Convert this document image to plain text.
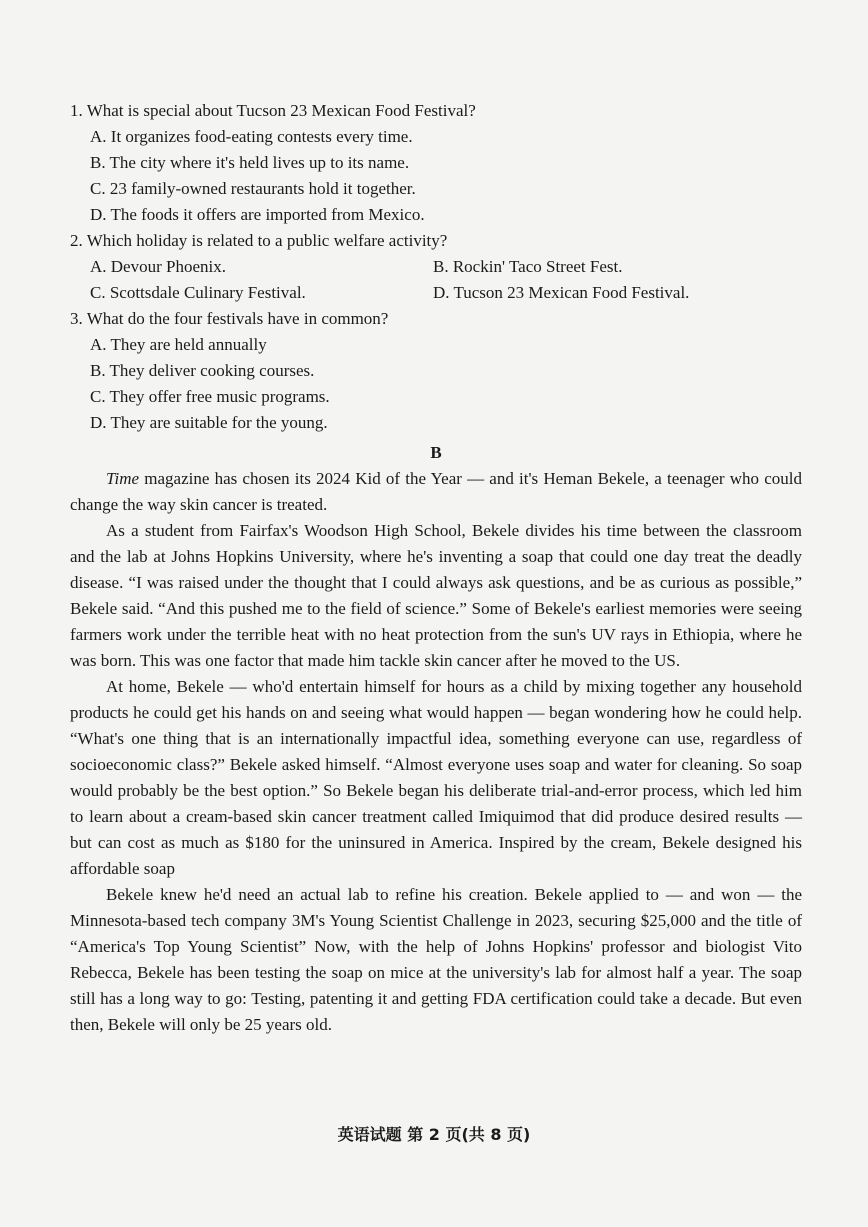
1. What is special about Tucson 23 Mexican Food Festival?

A. It organizes food-eating contests every time.

B. The city where it's held lives up to its name.

C. 23 family-owned restaurants hold it together.

D. The foods it offers are imported from Mexico.

2. Which holiday is related to a public welfare activity?

A. Devour Phoenix.	B. Rockin' Taco Street Fest.
C. Scottsdale Culinary Festival.	D. Tucson 23 Mexican Food Festival.

3. What do the four festivals have in common?

A. They are held annually

B. They deliver cooking courses.

C. They offer free music programs.

D. They are suitable for the young.

B

Time magazine has chosen its 2024 Kid of the Year — and it's Heman Bekele, a teenager who could change the way skin cancer is treated.

As a student from Fairfax's Woodson High School, Bekele divides his time between the classroom and the lab at Johns Hopkins University, where he's inventing a soap that could one day treat the deadly disease. “I was raised under the thought that I could always ask questions, and be as curious as possible,” Bekele said. “And this pushed me to the field of science.” Some of Bekele's earliest memories were seeing farmers work under the terrible heat with no heat protection from the sun's UV rays in Ethiopia, where he was born. This was one factor that made him tackle skin cancer after he moved to the US.

At home, Bekele — who'd entertain himself for hours as a child by mixing together any household products he could get his hands on and seeing what would happen — began wondering how he could help. “What's one thing that is an internationally impactful idea, something everyone can use, regardless of socioeconomic class?” Bekele asked himself. “Almost everyone uses soap and water for cleaning. So soap would probably be the best option.” So Bekele began his deliberate trial-and-error process, which led him to learn about a cream-based skin cancer treatment called Imiquimod that did produce desired results — but can cost as much as $180 for the uninsured in America. Inspired by the cream, Bekele designed his affordable soap

Bekele knew he'd need an actual lab to refine his creation. Bekele applied to — and won — the Minnesota-based tech company 3M's Young Scientist Challenge in 2023, securing $25,000 and the title of “America's Top Young Scientist” Now, with the help of Johns Hopkins' professor and biologist Vito Rebecca, Bekele has been testing the soap on mice at the university's lab for almost half a year. The soap still has a long way to go: Testing, patenting it and getting FDA certification could take a decade. But even then, Bekele will only be 25 years old.

英语试题 第 2 页(共 8 页)
